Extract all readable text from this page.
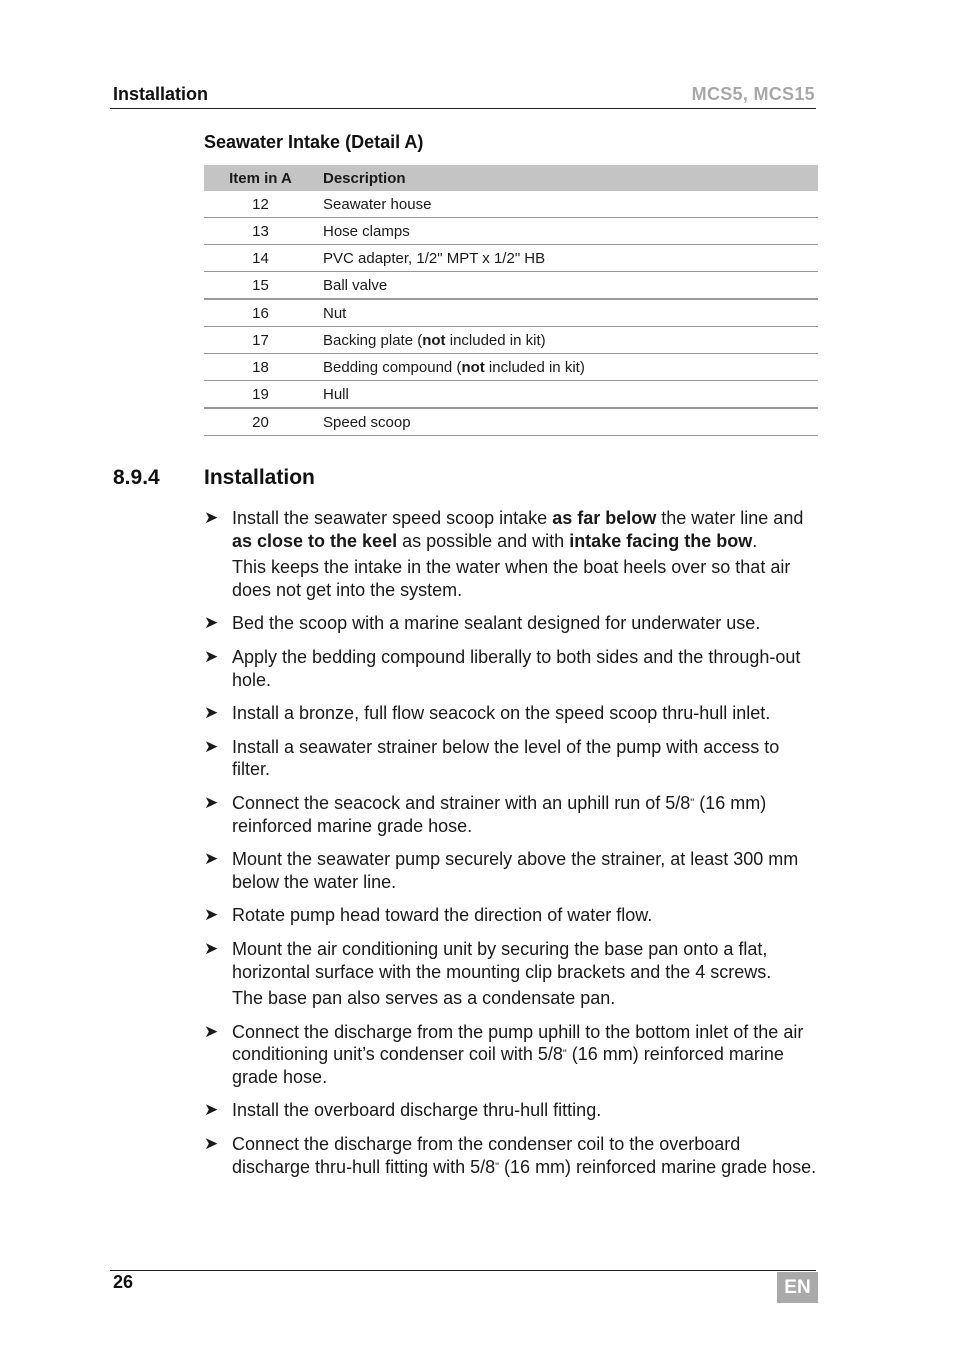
Installation	MCS5, MCS15
Seawater Intake (Detail A)
Item in A	Description
12	Seawater house
13	Hose clamps
14	PVC adapter, 1/2" MPT x 1/2" HB
15	Ball valve
16	Nut
17	Backing plate (not included in kit)
18	Bedding compound (not included in kit)
19	Hull
20	Speed scoop
8.9.4 Installation
➤ Install the seawater speed scoop intake as far below the water line and as close to the keel as possible and with intake facing the bow.
This keeps the intake in the water when the boat heels over so that air does not get into the system.
➤ Bed the scoop with a marine sealant designed for underwater use.
➤ Apply the bedding compound liberally to both sides and the through-out hole.
➤ Install a bronze, full flow seacock on the speed scoop thru-hull inlet.
➤ Install a seawater strainer below the level of the pump with access to filter.
➤ Connect the seacock and strainer with an uphill run of 5/8" (16 mm) reinforced marine grade hose.
➤ Mount the seawater pump securely above the strainer, at least 300 mm below the water line.
➤ Rotate pump head toward the direction of water flow.
➤ Mount the air conditioning unit by securing the base pan onto a flat, horizontal surface with the mounting clip brackets and the 4 screws.
The base pan also serves as a condensate pan.
➤ Connect the discharge from the pump uphill to the bottom inlet of the air conditioning unit’s condenser coil with 5/8" (16 mm) reinforced marine grade hose.
➤ Install the overboard discharge thru-hull fitting.
➤ Connect the discharge from the condenser coil to the overboard discharge thru-hull fitting with 5/8" (16 mm) reinforced marine grade hose.
26	EN
